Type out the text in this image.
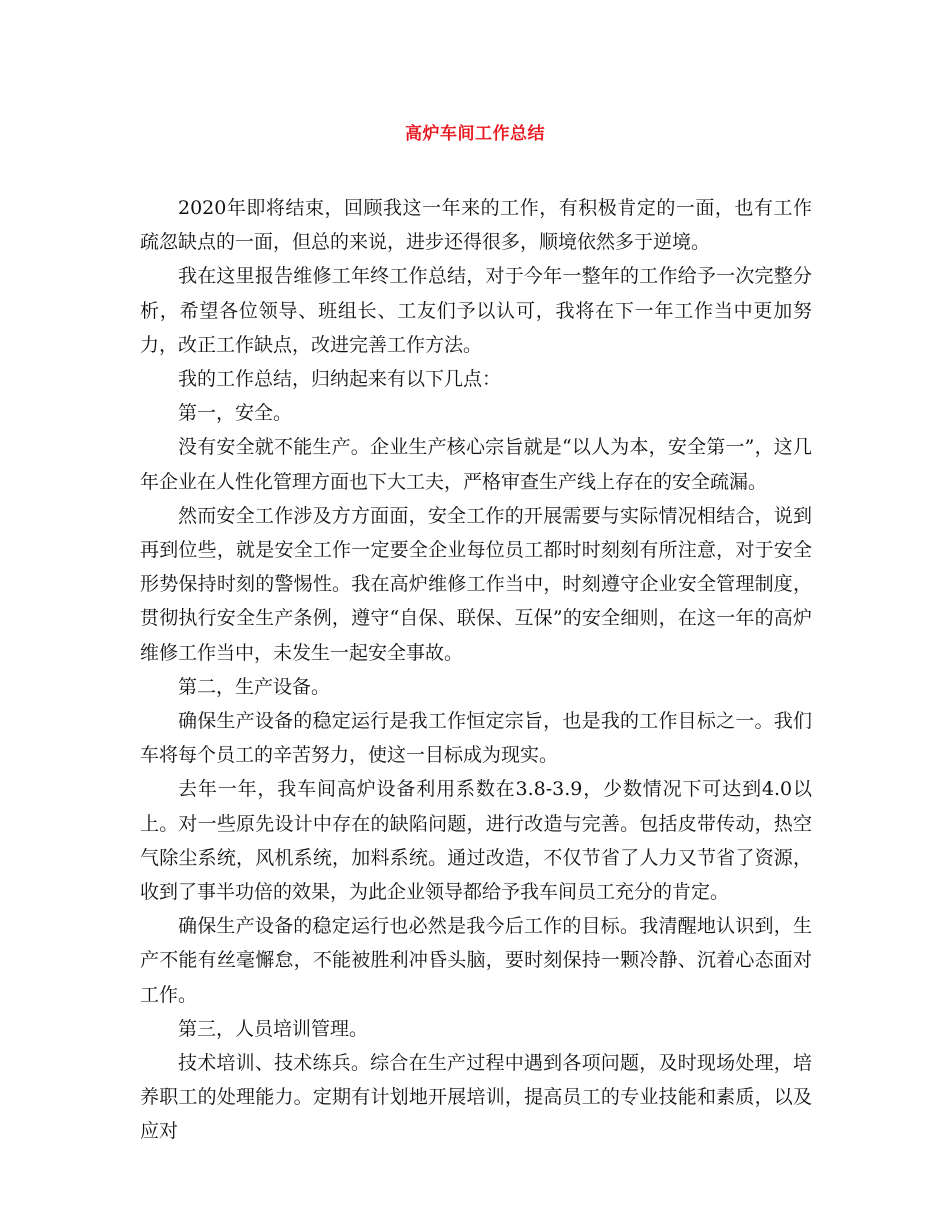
高炉车间工作总结

2020年即将结束，回顾我这一年来的工作，有积极肯定的一面，也有工作疏忽缺点的一面，但总的来说，进步还得很多，顺境依然多于逆境。

我在这里报告维修工年终工作总结，对于今年一整年的工作给予一次完整分析，希望各位领导、班组长、工友们予以认可，我将在下一年工作当中更加努力，改正工作缺点，改进完善工作方法。

我的工作总结，归纳起来有以下几点：

第一，安全。

没有安全就不能生产。企业生产核心宗旨就是“以人为本，安全第一”，这几年企业在人性化管理方面也下大工夫，严格审查生产线上存在的安全疏漏。

然而安全工作涉及方方面面，安全工作的开展需要与实际情况相结合，说到再到位些，就是安全工作一定要全企业每位员工都时时刻刻有所注意，对于安全形势保持时刻的警惕性。我在高炉维修工作当中，时刻遵守企业安全管理制度，贯彻执行安全生产条例，遵守“自保、联保、互保”的安全细则，在这一年的高炉维修工作当中，未发生一起安全事故。

第二，生产设备。

确保生产设备的稳定运行是我工作恒定宗旨，也是我的工作目标之一。我们车将每个员工的辛苦努力，使这一目标成为现实。

去年一年，我车间高炉设备利用系数在3.8-3.9，少数情况下可达到4.0以上。对一些原先设计中存在的缺陷问题，进行改造与完善。包括皮带传动，热空气除尘系统，风机系统，加料系统。通过改造，不仅节省了人力又节省了资源，收到了事半功倍的效果，为此企业领导都给予我车间员工充分的肯定。

确保生产设备的稳定运行也必然是我今后工作的目标。我清醒地认识到，生产不能有丝毫懈怠，不能被胜利冲昏头脑，要时刻保持一颗冷静、沉着心态面对工作。

第三，人员培训管理。

技术培训、技术练兵。综合在生产过程中遇到各项问题，及时现场处理，培养职工的处理能力。定期有计划地开展培训，提高员工的专业技能和素质，以及应对
